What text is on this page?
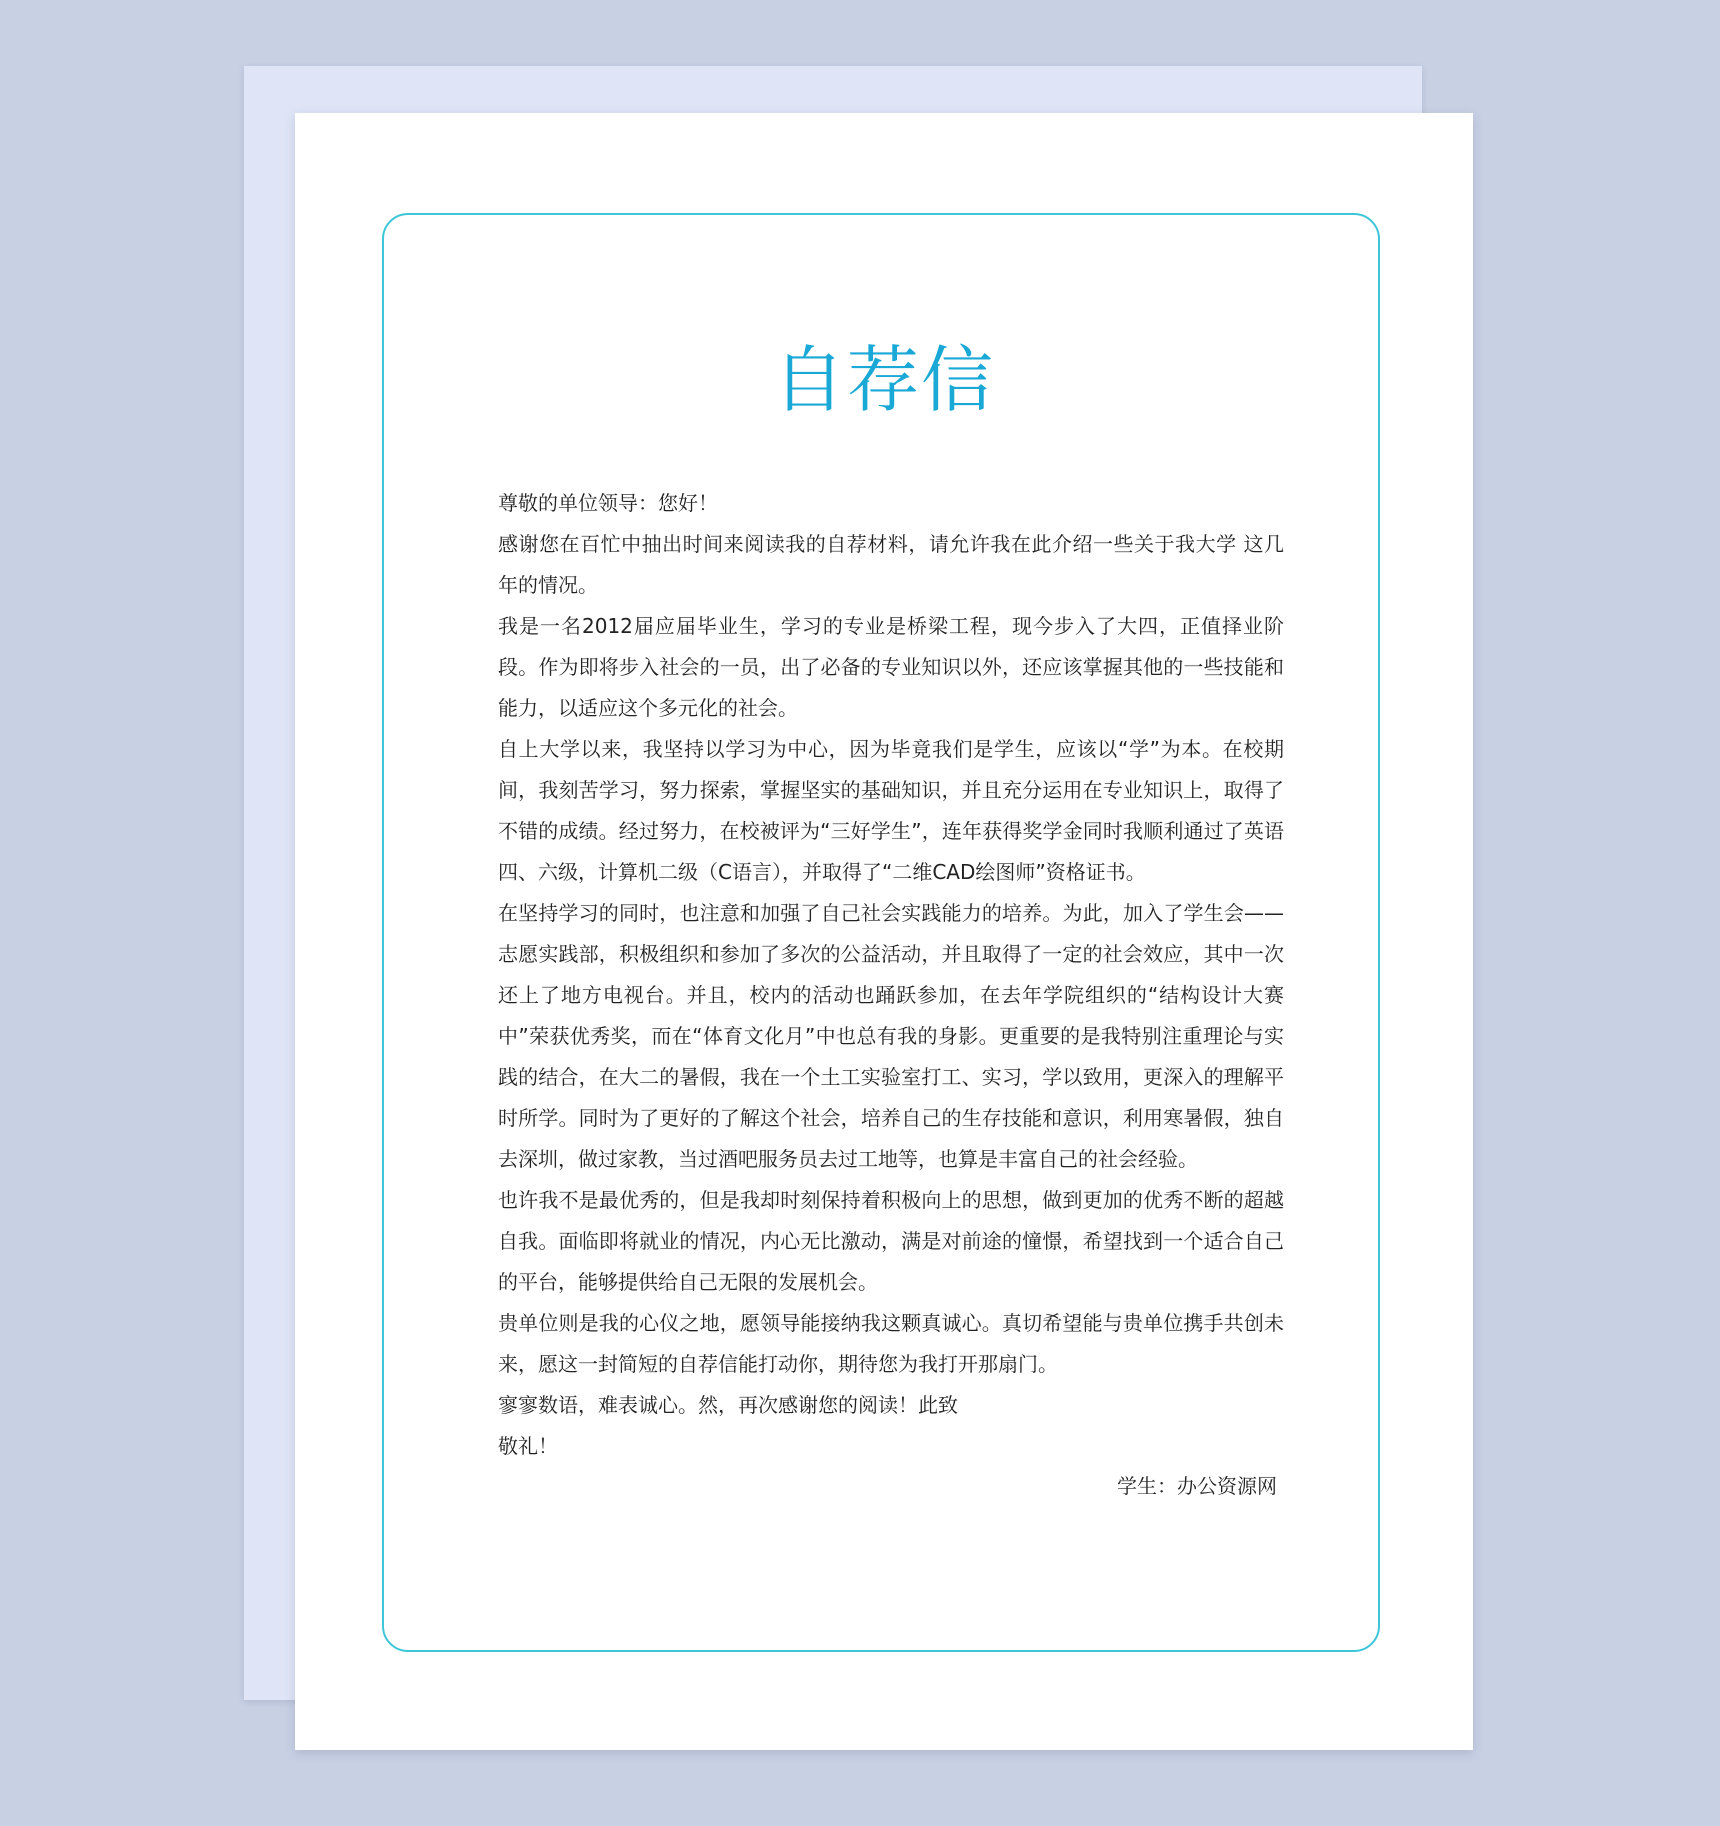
自荐信

尊敬的单位领导：您好！

感谢您在百忙中抽出时间来阅读我的自荐材料，请允许我在此介绍一些关于我大学 这几年的情况。

我是一名2012届应届毕业生，学习的专业是桥梁工程，现今步入了大四，正值择业阶段。作为即将步入社会的一员，出了必备的专业知识以外，还应该掌握其他的一些技能和能力，以适应这个多元化的社会。

自上大学以来，我坚持以学习为中心，因为毕竟我们是学生，应该以“学”为本。在校期间，我刻苦学习，努力探索，掌握坚实的基础知识，并且充分运用在专业知识上，取得了不错的成绩。经过努力，在校被评为“三好学生”，连年获得奖学金同时我顺利通过了英语四、六级，计算机二级（C语言），并取得了“二维CAD绘图师”资格证书。

在坚持学习的同时，也注意和加强了自己社会实践能力的培养。为此，加入了学生会——志愿实践部，积极组织和参加了多次的公益活动，并且取得了一定的社会效应，其中一次还上了地方电视台。并且，校内的活动也踊跃参加，在去年学院组织的“结构设计大赛中”荣获优秀奖，而在“体育文化月”中也总有我的身影。更重要的是我特别注重理论与实践的结合，在大二的暑假，我在一个土工实验室打工、实习，学以致用，更深入的理解平时所学。同时为了更好的了解这个社会，培养自己的生存技能和意识，利用寒暑假，独自去深圳，做过家教，当过酒吧服务员去过工地等，也算是丰富自己的社会经验。

也许我不是最优秀的，但是我却时刻保持着积极向上的思想，做到更加的优秀不断的超越自我。面临即将就业的情况，内心无比激动，满是对前途的憧憬，希望找到一个适合自己的平台，能够提供给自己无限的发展机会。

贵单位则是我的心仪之地，愿领导能接纳我这颗真诚心。真切希望能与贵单位携手共创未来，愿这一封简短的自荐信能打动你，期待您为我打开那扇门。

寥寥数语，难表诚心。然，再次感谢您的阅读！此致

敬礼！

学生：办公资源网
